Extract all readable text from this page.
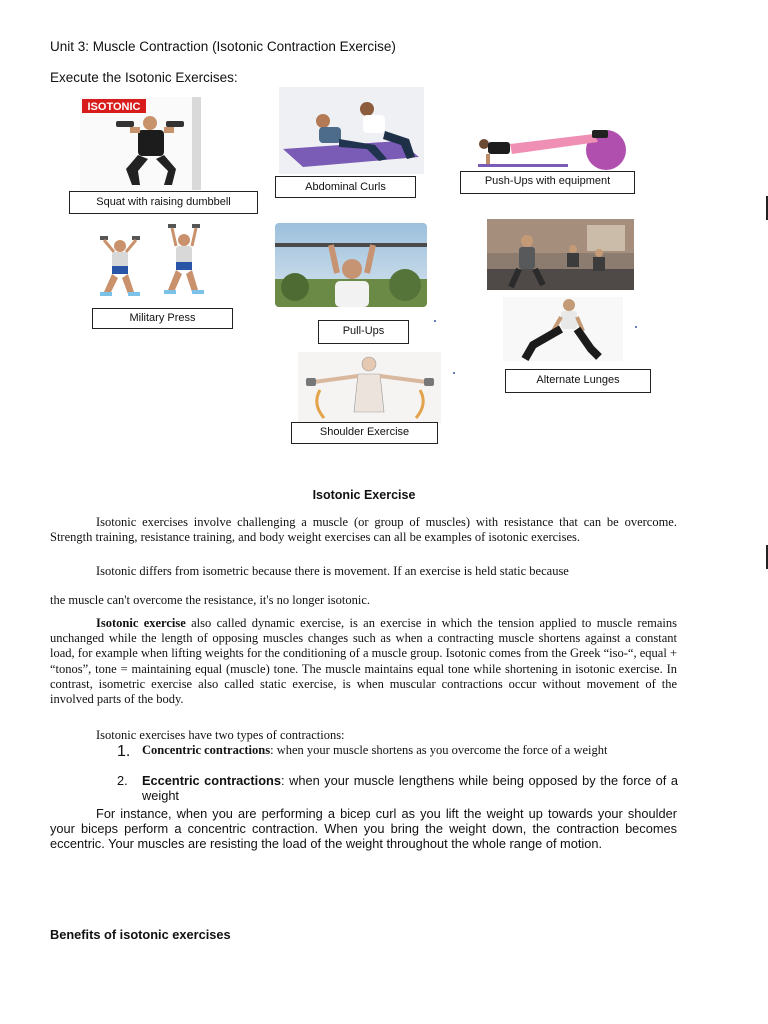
Unit 3: Muscle Contraction (Isotonic Contraction Exercise)
Execute the Isotonic Exercises:
ISOTONIC
Squat with raising dumbbell
Abdominal Curls	Push-Ups with equipment
Military Press
Pull-Ups
Alternate Lunges
Shoulder Exercise
Isotonic Exercise
Isotonic exercises involve challenging a muscle (or group of muscles) with resistance that can be overcome. Strength training, resistance training, and body weight exercises can all be examples of isotonic exercises.
Isotonic differs from isometric because there is movement. If an exercise is held static because
the muscle can't overcome the resistance, it's no longer isotonic.
Isotonic exercise also called dynamic exercise, is an exercise in which the tension applied to muscle remains unchanged while the length of opposing muscles changes such as when a contracting muscle shortens against a constant load, for example when lifting weights for the conditioning of a muscle group. Isotonic comes from the Greek “iso-“, equal + “tonos”, tone = maintaining equal (muscle) tone. The muscle maintains equal tone while shortening in isotonic exercise. In contrast, isometric exercise also called static exercise, is when muscular contractions occur without movement of the involved parts of the body.
Isotonic exercises have two types of contractions:
1. Concentric contractions: when your muscle shortens as you overcome the force of a weight
2. Eccentric contractions: when your muscle lengthens while being opposed by the force of a weight
For instance, when you are performing a bicep curl as you lift the weight up towards your shoulder your biceps perform a concentric contraction. When you bring the weight down, the contraction becomes eccentric. Your muscles are resisting the load of the weight throughout the whole range of motion.
Benefits of isotonic exercises
